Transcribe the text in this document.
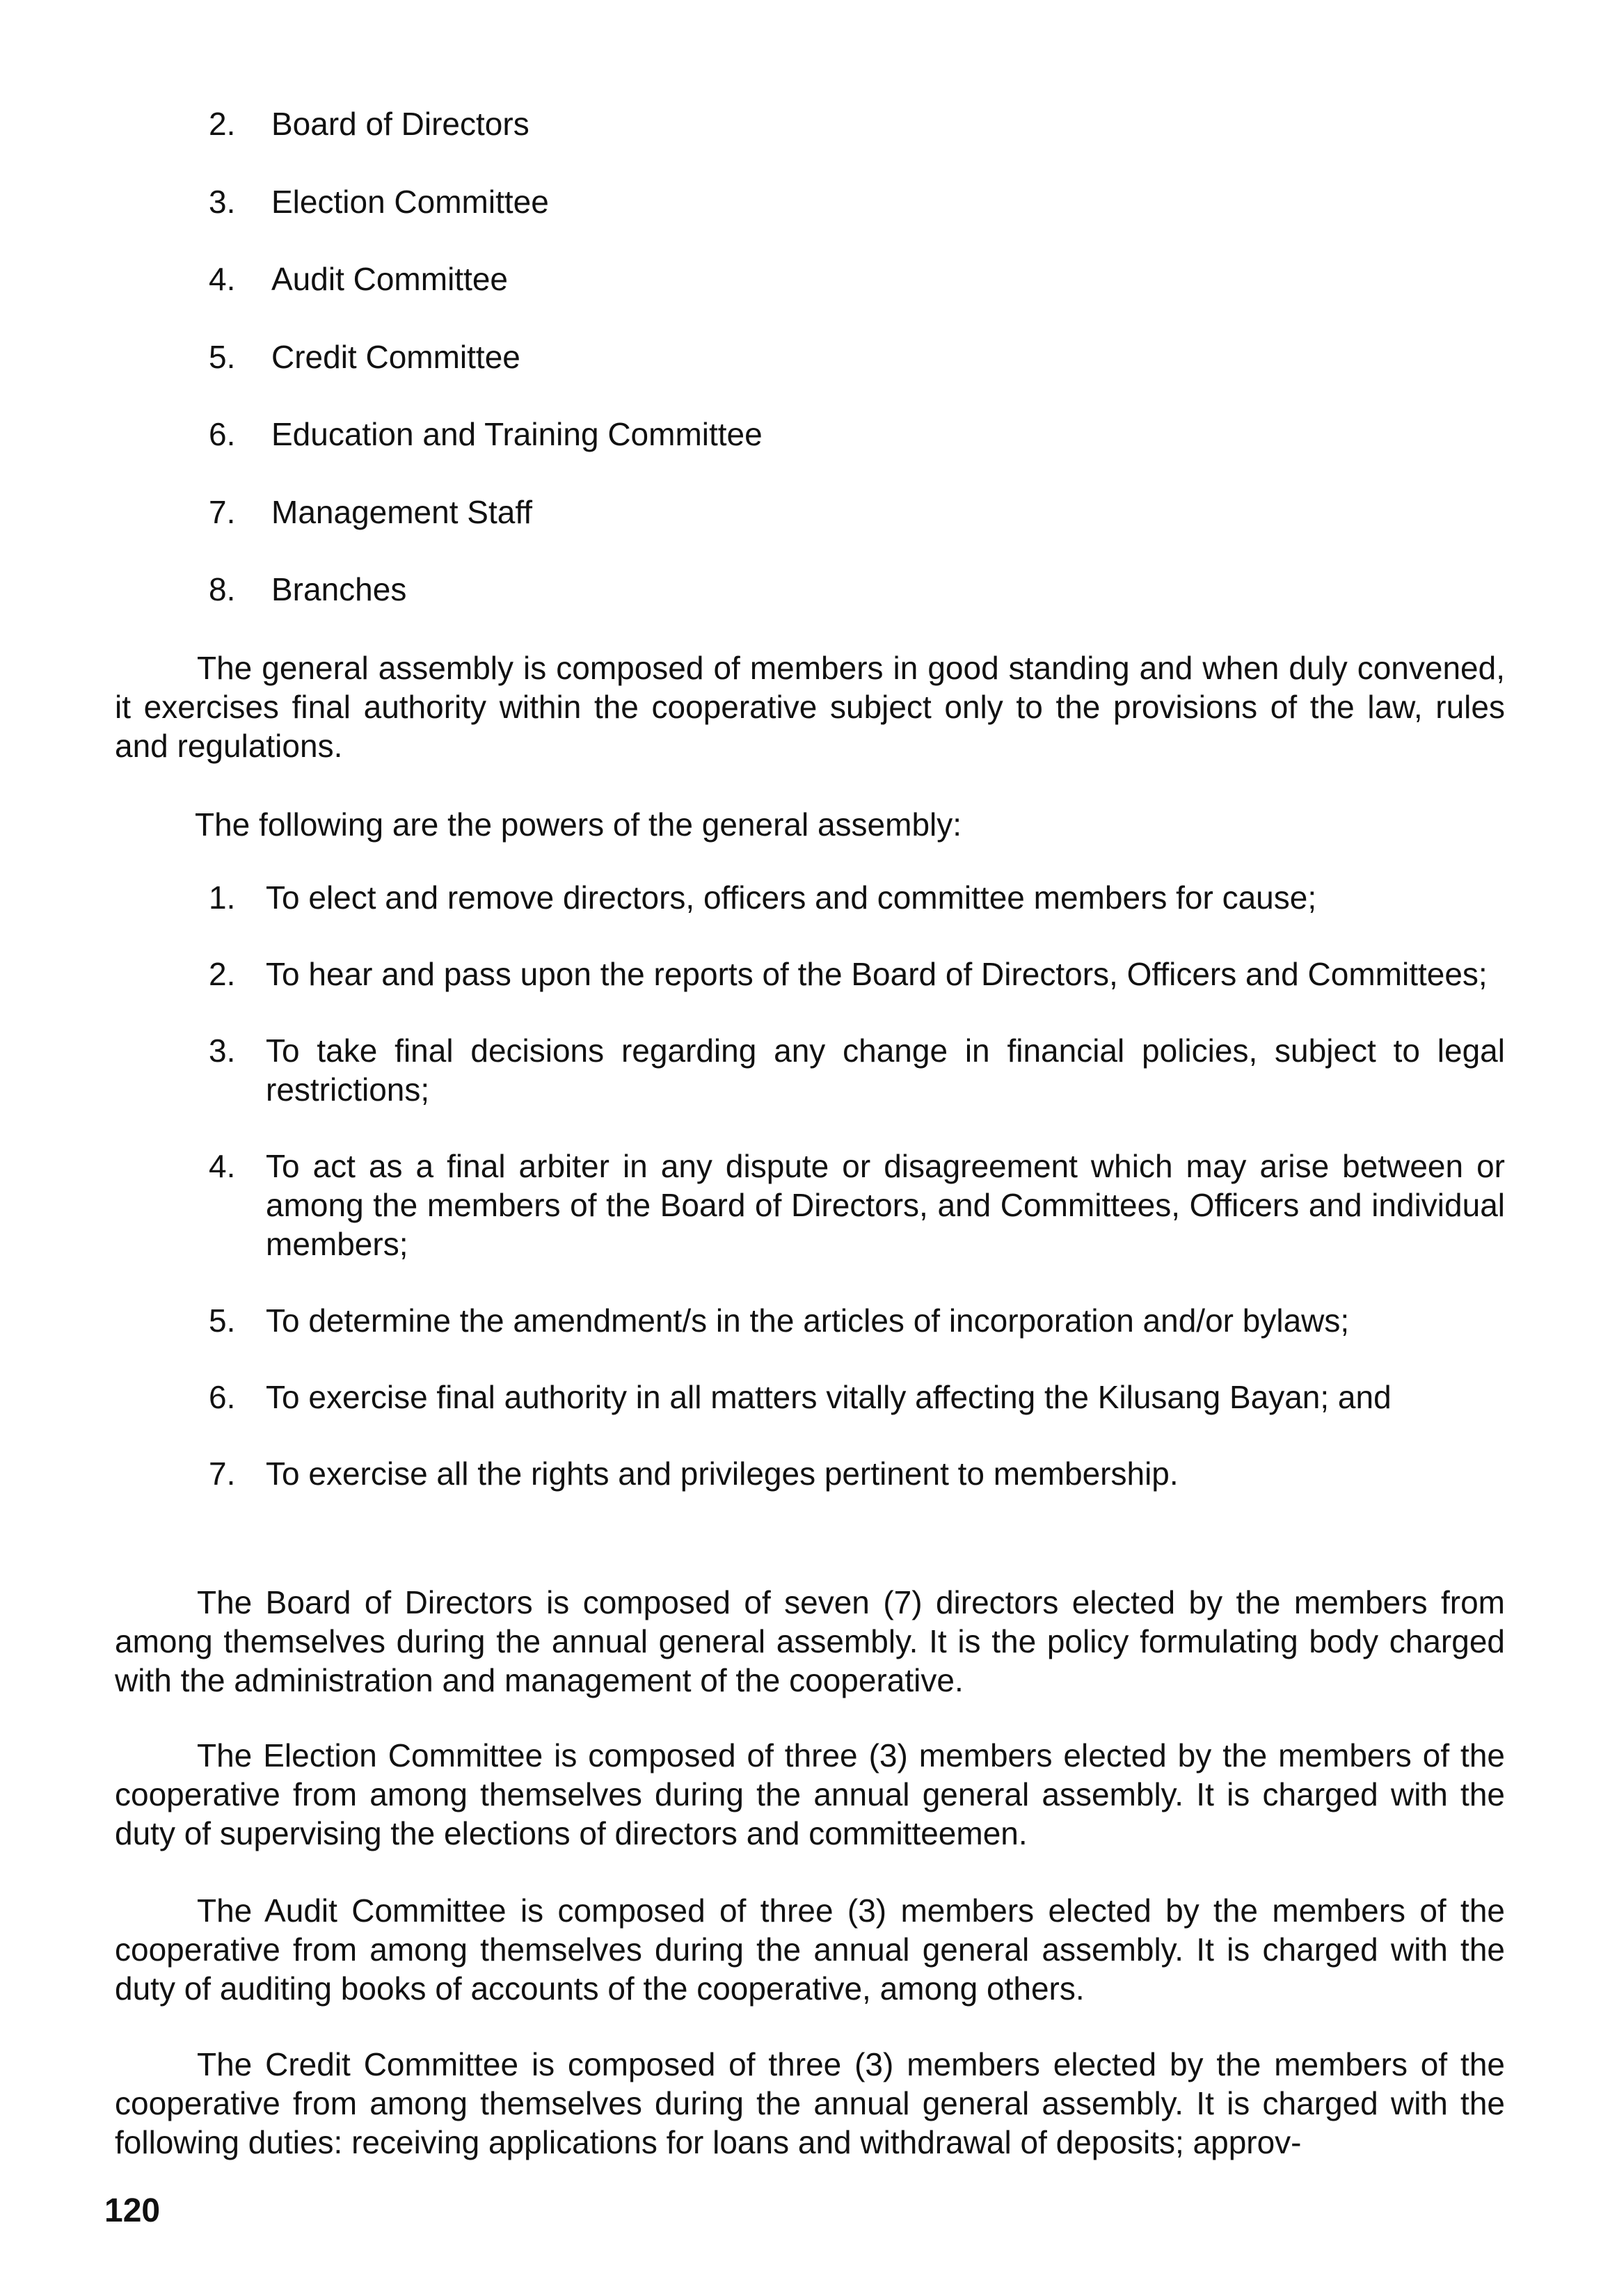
2.	Board of Directors
3.	Election Committee
4.	Audit Committee
5.	Credit Committee
6.	Education and Training Committee
7.	Management Staff
8.	Branches

The general assembly is composed of members in good standing and when duly convened, it exercises final authority within the cooperative subject only to the provisions of the law, rules and regulations.

The following are the powers of the general assembly:

1. To elect and remove directors, officers and committee members for cause;
2. To hear and pass upon the reports of the Board of Directors, Officers and Committees;
3. To take final decisions regarding any change in financial policies, subject to legal restrictions;
4. To act as a final arbiter in any dispute or disagreement which may arise between or among the members of the Board of Directors, and Committees, Officers and individual members;
5. To determine the amendment/s in the articles of incorporation and/or bylaws;
6. To exercise final authority in all matters vitally affecting the Kilusang Bayan; and
7. To exercise all the rights and privileges pertinent to membership.

The Board of Directors is composed of seven (7) directors elected by the members from among themselves during the annual general assembly. It is the policy formulating body charged with the administration and management of the cooperative.

The Election Committee is composed of three (3) members elected by the members of the cooperative from among themselves during the annual general assembly. It is charged with the duty of supervising the elections of directors and committeemen.

The Audit Committee is composed of three (3) members elected by the members of the cooperative from among themselves during the annual general assembly. It is charged with the duty of auditing books of accounts of the cooperative, among others.

The Credit Committee is composed of three (3) members elected by the members of the cooperative from among themselves during the annual general assembly. It is charged with the following duties: receiving applications for loans and withdrawal of deposits; approv-

120
